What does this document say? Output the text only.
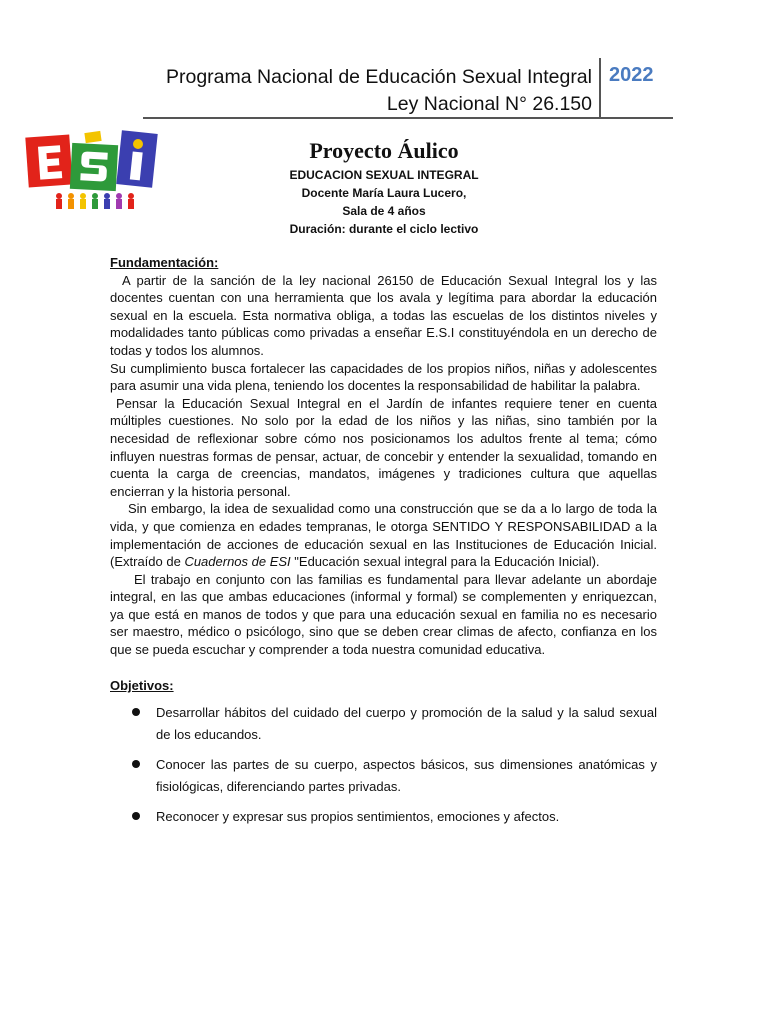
Programa Nacional de Educación Sexual Integral
Ley Nacional N° 26.150
2022
Proyecto Áulico
EDUCACION SEXUAL INTEGRAL
Docente María Laura Lucero,
Sala de 4 años
Duración: durante el ciclo lectivo

Fundamentación:

A partir de la sanción de la ley nacional 26150 de Educación Sexual Integral los y las docentes cuentan con una herramienta que los avala y legítima para abordar la educación sexual en la escuela. Esta normativa obliga, a todas las escuelas de los distintos niveles y modalidades tanto públicas como privadas a enseñar E.S.I constituyéndola en un derecho de todas y todos los alumnos.

Su cumplimiento busca fortalecer las capacidades de los propios niños, niñas y adolescentes para asumir una vida plena, teniendo los docentes la responsabilidad de habilitar la palabra.

Pensar la Educación Sexual Integral en el Jardín de infantes requiere tener en cuenta múltiples cuestiones. No solo por la edad de los niños y las niñas, sino también por la necesidad de reflexionar sobre cómo nos posicionamos los adultos frente al tema; cómo influyen nuestras formas de pensar, actuar, de concebir y entender la sexualidad, tomando en cuenta la carga de creencias, mandatos, imágenes y tradiciones cultura que aquellas encierran y la historia personal.

Sin embargo, la idea de sexualidad como una construcción que se da a lo largo de toda la vida, y que comienza en edades tempranas, le otorga SENTIDO Y RESPONSABILIDAD a la implementación de acciones de educación sexual en las Instituciones de Educación Inicial. (Extraído de Cuadernos de ESI "Educación sexual integral para la Educación Inicial).

El trabajo en conjunto con las familias es fundamental para llevar adelante un abordaje integral, en las que ambas educaciones (informal y formal) se complementen y enriquezcan, ya que está en manos de todos y que para una educación sexual en familia no es necesario ser maestro, médico o psicólogo, sino que se deben crear climas de afecto, confianza en los que se pueda escuchar y comprender a toda nuestra comunidad educativa.

Objetivos:

Desarrollar hábitos del cuidado del cuerpo y promoción de la salud y la salud sexual de los educandos.
Conocer las partes de su cuerpo, aspectos básicos, sus dimensiones anatómicas y fisiológicas, diferenciando partes privadas.
Reconocer y expresar sus propios sentimientos, emociones y afectos.
